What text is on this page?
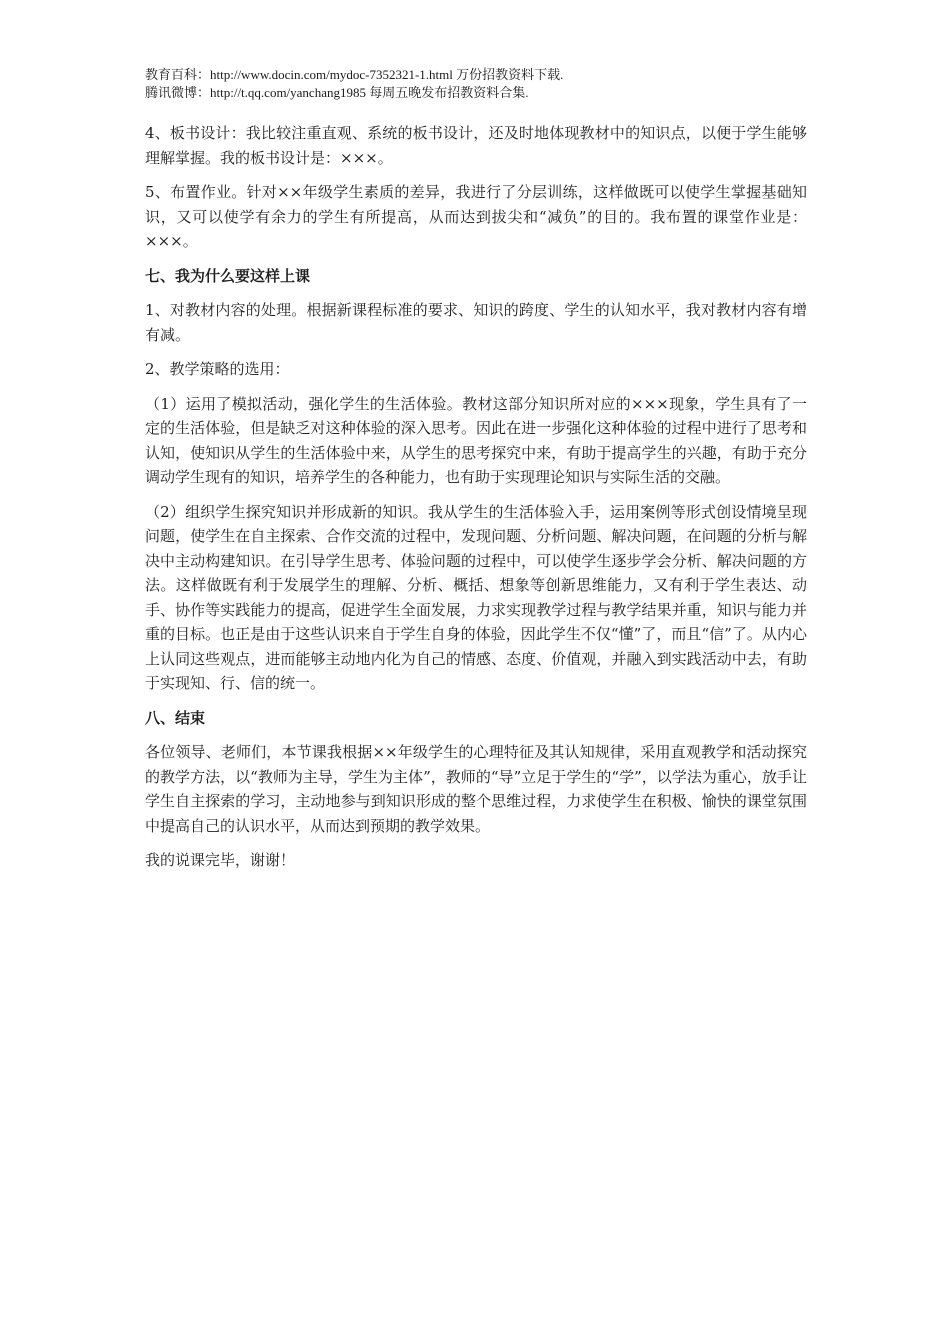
教育百科：http://www.docin.com/mydoc-7352321-1.html 万份招教资料下载.

腾讯微博：http://t.qq.com/yanchang1985 每周五晚发布招教资料合集.

4、板书设计：我比较注重直观、系统的板书设计，还及时地体现教材中的知识点，以便于学生能够理解掌握。我的板书设计是：×××。

5、布置作业。针对××年级学生素质的差异，我进行了分层训练，这样做既可以使学生掌握基础知识，又可以使学有余力的学生有所提高，从而达到拔尖和“减负”的目的。我布置的课堂作业是：×××。

七、我为什么要这样上课

1、对教材内容的处理。根据新课程标准的要求、知识的跨度、学生的认知水平，我对教材内容有增有减。

2、教学策略的选用：

（1）运用了模拟活动，强化学生的生活体验。教材这部分知识所对应的×××现象，学生具有了一定的生活体验，但是缺乏对这种体验的深入思考。因此在进一步强化这种体验的过程中进行了思考和认知，使知识从学生的生活体验中来，从学生的思考探究中来，有助于提高学生的兴趣，有助于充分调动学生现有的知识，培养学生的各种能力，也有助于实现理论知识与实际生活的交融。

（2）组织学生探究知识并形成新的知识。我从学生的生活体验入手，运用案例等形式创设情境呈现问题，使学生在自主探索、合作交流的过程中，发现问题、分析问题、解决问题，在问题的分析与解决中主动构建知识。在引导学生思考、体验问题的过程中，可以使学生逐步学会分析、解决问题的方法。这样做既有利于发展学生的理解、分析、概括、想象等创新思维能力，又有利于学生表达、动手、协作等实践能力的提高，促进学生全面发展，力求实现教学过程与教学结果并重，知识与能力并重的目标。也正是由于这些认识来自于学生自身的体验，因此学生不仅“懂”了，而且“信”了。从内心上认同这些观点，进而能够主动地内化为自己的情感、态度、价值观，并融入到实践活动中去，有助于实现知、行、信的统一。

八、结束

各位领导、老师们，本节课我根据××年级学生的心理特征及其认知规律，采用直观教学和活动探究的教学方法，以“教师为主导，学生为主体”，教师的“导”立足于学生的“学”，以学法为重心，放手让学生自主探索的学习，主动地参与到知识形成的整个思维过程，力求使学生在积极、愉快的课堂氛围中提高自己的认识水平，从而达到预期的教学效果。

我的说课完毕，谢谢！
